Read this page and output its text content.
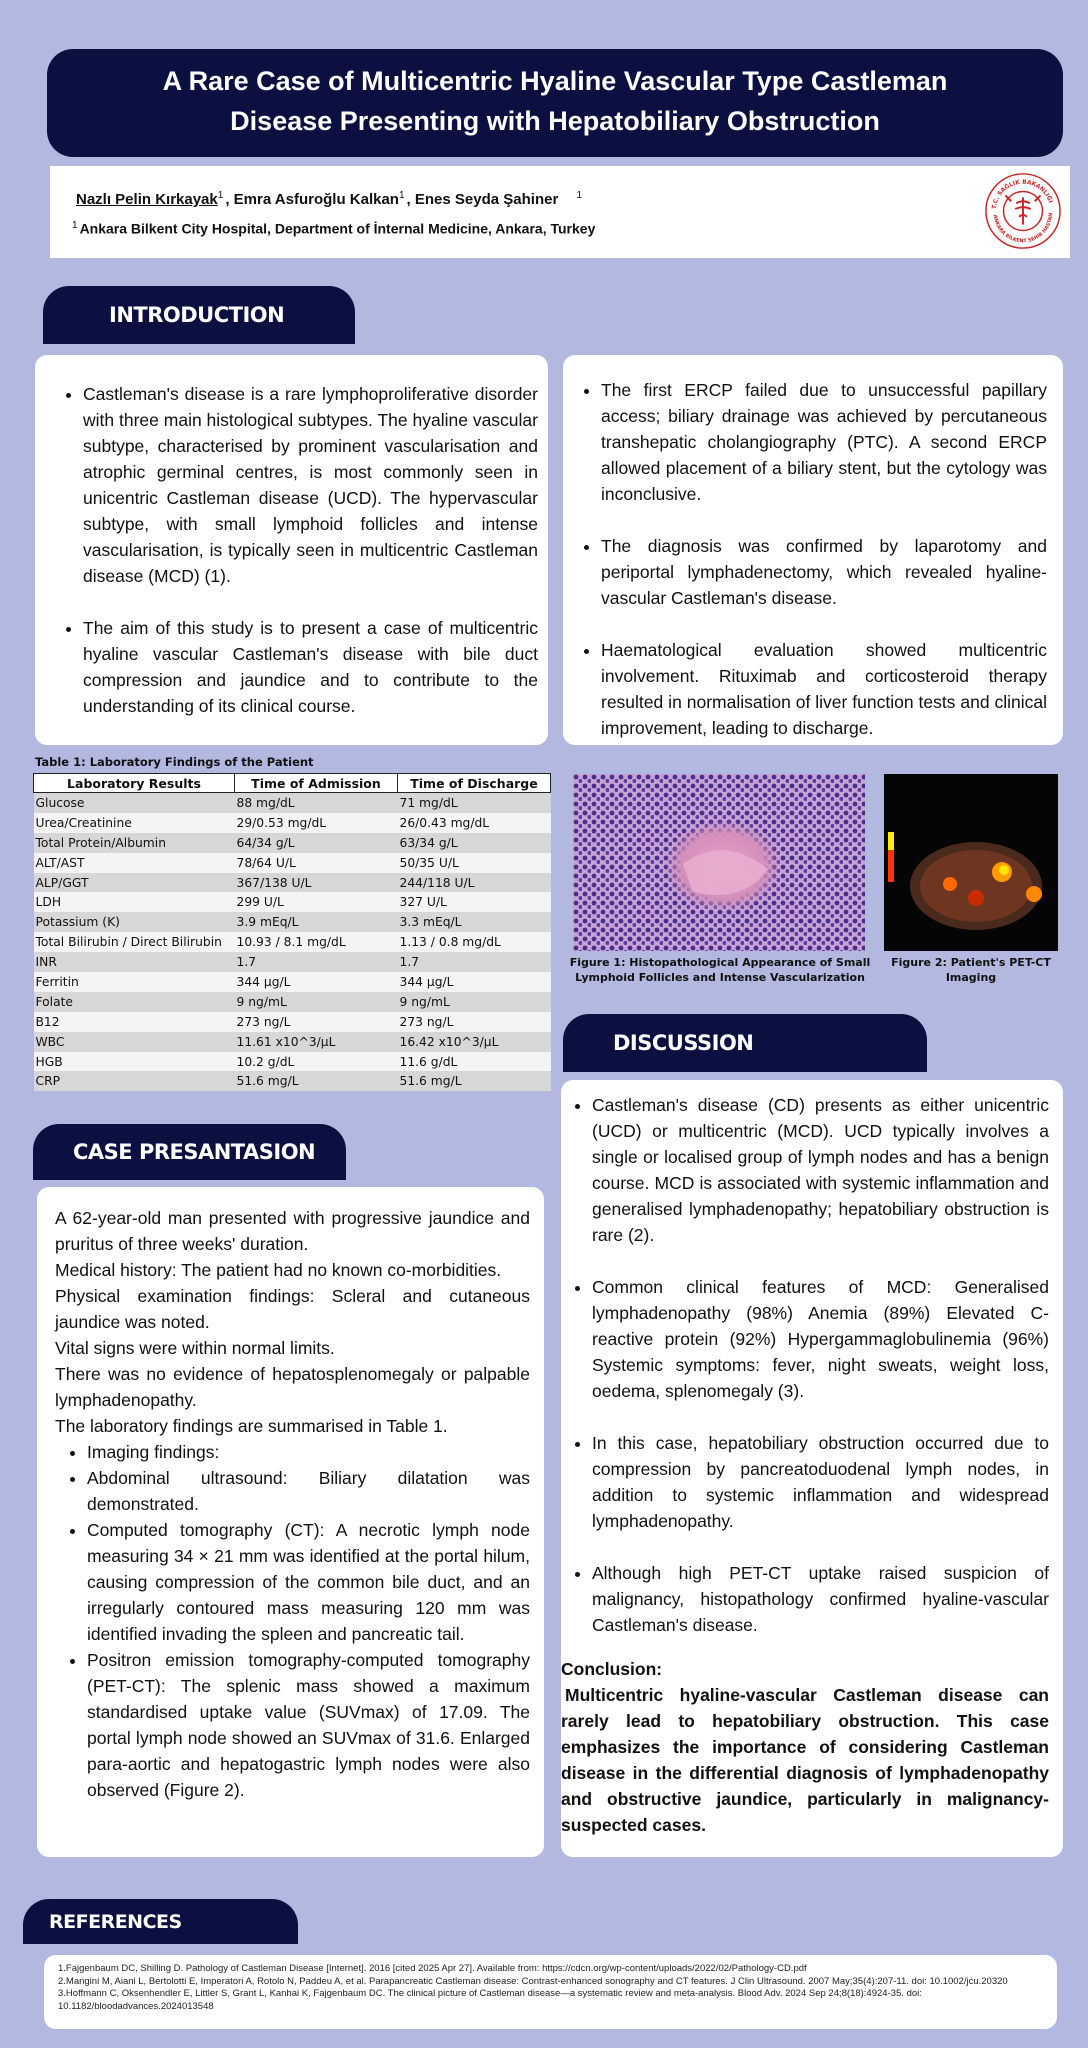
A Rare Case of Multicentric Hyaline Vascular Type Castleman
Disease Presenting with Hepatobiliary Obstruction
Nazlı Pelin Kırkayak$^1$ , Emra Asfuroğlu Kalkan$^1$ , Enes Seyda Şahiner $^1$
$^1$ Ankara Bilkent City Hospital, Department of İnternal Medicine, Ankara, Turkey
T.C. SAĞLIK BAKANLIĞI
ANKARA BİLKENT ŞEHİR HASTAN
INTRODUCTION
• Castleman's disease is a rare lymphoproliferative disorder with three main histological subtypes. The hyaline vascular subtype, characterised by prominent vascularisation and atrophic germinal centres, is most commonly seen in unicentric Castleman disease (UCD). The hypervascular subtype, with small lymphoid follicles and intense vascularisation, is typically seen in multicentric Castleman disease (MCD) (1).
• The aim of this study is to present a case of multicentric hyaline vascular Castleman's disease with bile duct compression and jaundice and to contribute to the understanding of its clinical course.
• The first ERCP failed due to unsuccessful papillary access; biliary drainage was achieved by percutaneous transhepatic cholangiography (PTC). A second ERCP allowed placement of a biliary stent, but the cytology was inconclusive.
• The diagnosis was confirmed by laparotomy and periportal lymphadenectomy, which revealed hyaline-vascular Castleman's disease.
• Haematological evaluation showed multicentric involvement. Rituximab and corticosteroid therapy resulted in normalisation of liver function tests and clinical improvement, leading to discharge.
Table 1: Laboratory Findings of the Patient
Laboratory Results	Time of Admission	Time of Discharge
Glucose	88 mg/dL	71 mg/dL
Urea/Creatinine	29/0.53 mg/dL	26/0.43 mg/dL
Total Protein/Albumin	64/34 g/L	63/34 g/L
ALT/AST	78/64 U/L	50/35 U/L
ALP/GGT	367/138 U/L	244/118 U/L
LDH	299 U/L	327 U/L
Potassium (K)	3.9 mEq/L	3.3 mEq/L
Total Bilirubin / Direct Bilirubin	10.93 / 8.1 mg/dL	1.13 / 0.8 mg/dL
INR	1.7	1.7
Ferritin	344 µg/L	344 µg/L
Folate	9 ng/mL	9 ng/mL
B12	273 ng/L	273 ng/L
WBC	11.61 x10^3/µL	16.42 x10^3/µL
HGB	10.2 g/dL	11.6 g/dL
CRP	51.6 mg/L	51.6 mg/L
Figure 1: Histopathological Appearance of Small
Lymphoid Follicles and Intense Vascularization
Figure 2: Patient's PET-CT
Imaging
CASE PRESANTASION
A 62-year-old man presented with progressive jaundice and pruritus of three weeks' duration.
Medical history: The patient had no known co-morbidities.
Physical examination findings: Scleral and cutaneous jaundice was noted.
Vital signs were within normal limits.
There was no evidence of hepatosplenomegaly or palpable lymphadenopathy.
The laboratory findings are summarised in Table 1.
• Imaging findings:
• Abdominal ultrasound: Biliary dilatation was demonstrated.
• Computed tomography (CT): A necrotic lymph node measuring 34 × 21 mm was identified at the portal hilum, causing compression of the common bile duct, and an irregularly contoured mass measuring 120 mm was identified invading the spleen and pancreatic tail.
• Positron emission tomography-computed tomography (PET-CT): The splenic mass showed a maximum standardised uptake value (SUVmax) of 17.09. The portal lymph node showed an SUVmax of 31.6. Enlarged para-aortic and hepatogastric lymph nodes were also observed (Figure 2).
DISCUSSION
• Castleman's disease (CD) presents as either unicentric (UCD) or multicentric (MCD). UCD typically involves a single or localised group of lymph nodes and has a benign course. MCD is associated with systemic inflammation and generalised lymphadenopathy; hepatobiliary obstruction is rare (2).
• Common clinical features of MCD: Generalised lymphadenopathy (98%) Anemia (89%) Elevated C-reactive protein (92%) Hypergammaglobulinemia (96%) Systemic symptoms: fever, night sweats, weight loss, oedema, splenomegaly (3).
• In this case, hepatobiliary obstruction occurred due to compression by pancreatoduodenal lymph nodes, in addition to systemic inflammation and widespread lymphadenopathy.
• Although high PET-CT uptake raised suspicion of malignancy, histopathology confirmed hyaline-vascular Castleman's disease.
Conclusion:
Multicentric hyaline-vascular Castleman disease can rarely lead to hepatobiliary obstruction. This case emphasizes the importance of considering Castleman disease in the differential diagnosis of lymphadenopathy and obstructive jaundice, particularly in malignancy-suspected cases.
REFERENCES
1.Fajgenbaum DC, Shilling D. Pathology of Castleman Disease [Internet]. 2016 [cited 2025 Apr 27]. Available from: https://cdcn.org/wp-content/uploads/2022/02/Pathology-CD.pdf
2.Mangini M, Aiani L, Bertolotti E, Imperatori A, Rotolo N, Paddeu A, et al. Parapancreatic Castleman disease: Contrast-enhanced sonography and CT features. J Clin Ultrasound. 2007 May;35(4):207-11. doi: 10.1002/jcu.20320
3.Hoffmann C, Oksenhendler E, Littler S, Grant L, Kanhai K, Fajgenbaum DC. The clinical picture of Castleman disease—a systematic review and meta-analysis. Blood Adv. 2024 Sep 24;8(18):4924-35. doi: 10.1182/bloodadvances.2024013548
